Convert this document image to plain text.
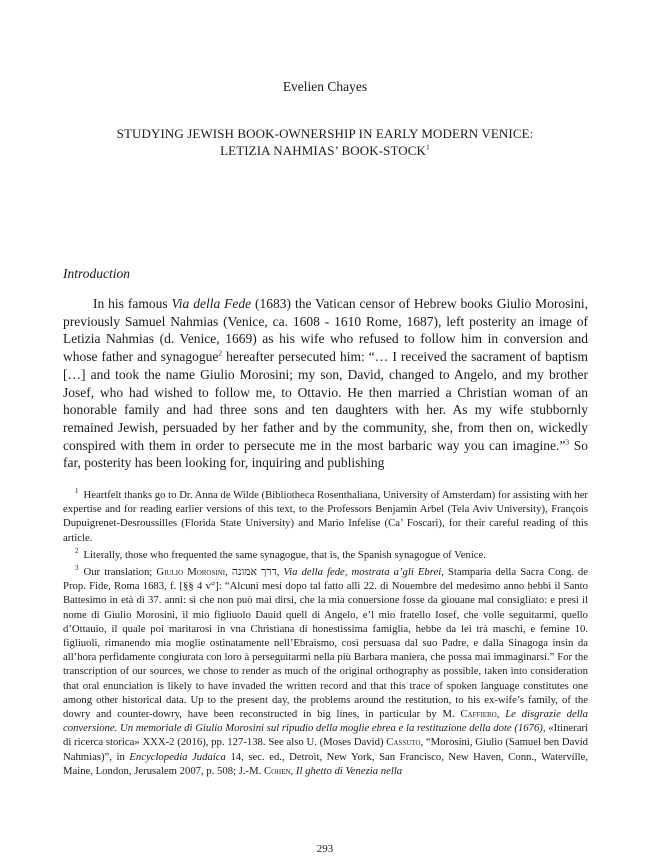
Evelien Chayes
STUDYING JEWISH BOOK-OWNERSHIP IN EARLY MODERN VENICE:
LETIZIA NAHMIAS’ BOOK-STOCK$^1$
Introduction

In his famous Via della Fede (1683) the Vatican censor of Hebrew books Giulio Morosini, previously Samuel Nahmias (Venice, ca. 1608 - 1610 Rome, 1687), left posterity an image of Letizia Nahmias (d. Venice, 1669) as his wife who refused to follow him in conversion and whose father and synagogue$^2$ hereafter persecuted him: “… I received the sacrament of baptism […] and took the name Giulio Morosini; my son, David, changed to Angelo, and my brother Josef, who had wished to follow me, to Ottavio. He then married a Christian woman of an honorable family and had three sons and ten daughters with her. As my wife stubbornly remained Jewish, persuaded by her father and by the community, she, from then on, wickedly conspired with them in order to persecute me in the most barbaric way you can imagine.”$^3$ So far, posterity has been looking for, inquiring and publishing

$^1$ Heartfelt thanks go to Dr. Anna de Wilde (Bibliotheca Rosenthaliana, University of Amsterdam) for assisting with her expertise and for reading earlier versions of this text, to the Professors Benjamin Arbel (Tela Aviv University), François Dupuigrenet-Desroussilles (Florida State University) and Mario Infelise (Ca’ Foscari), for their careful reading of this article.

$^2$ Literally, those who frequented the same synagogue, that is, the Spanish synagogue of Venice.

$^3$ Our translation; Giulio Morosini, דרך אמונה, Via della fede, mostrata a’gli Ebrei, Stamparia della Sacra Cong. de Prop. Fide, Roma 1683, f. [§§ 4 v°]: “Alcuni mesi dopo tal fatto alli 22. di Nouembre del medesimo anno hebbi il Santo Battesimo in età di 37. anni: sì che non può mai dirsi, che la mia conuersione fosse da giouane mal consigliato: e presi il nome di Giulio Morosini, il mio figliuolo Dauid quell di Angelo, e’l mio fratello Iosef, che volle seguitarmi, quello d’Ottauio, il quale poi maritarosi in vna Christiana di honestissima famiglia, hebbe da lei trà maschi, e femine 10. figliuoli, rimanendo mia moglie ostinatamente nell’Ebraismo, così persuasa dal suo Padre, e dalla Sinagoga insin da all’hora perfidamente congiurata con loro à perseguitarmi nella più Barbara maniera, che possa mai immaginarsi.” For the transcription of our sources, we chose to render as much of the original orthography as possible, taken into consideration that oral enunciation is likely to have invaded the written record and that this trace of spoken language constitutes one among other historical data. Up to the present day, the problems around the restitution, to his ex-wife’s family, of the dowry and counter-dowry, have been reconstructed in big lines, in particular by M. Caffiero, Le disgrazie della conversione. Un memoriale di Giulio Morosini sul ripudio della moglie ebrea e la restituzione della dote (1676), «Itinerari di ricerca storica» XXX-2 (2016), pp. 127-138. See also U. (Moses David) Cassuto, “Morosini, Giulio (Samuel ben David Nahmias)”, in Encyclopedia Judaica 14, sec. ed., Detroit, New York, San Francisco, New Haven, Conn., Waterville, Maine, London, Jerusalem 2007, p. 508; J.-M. Cohen, Il ghetto di Venezia nella

293
